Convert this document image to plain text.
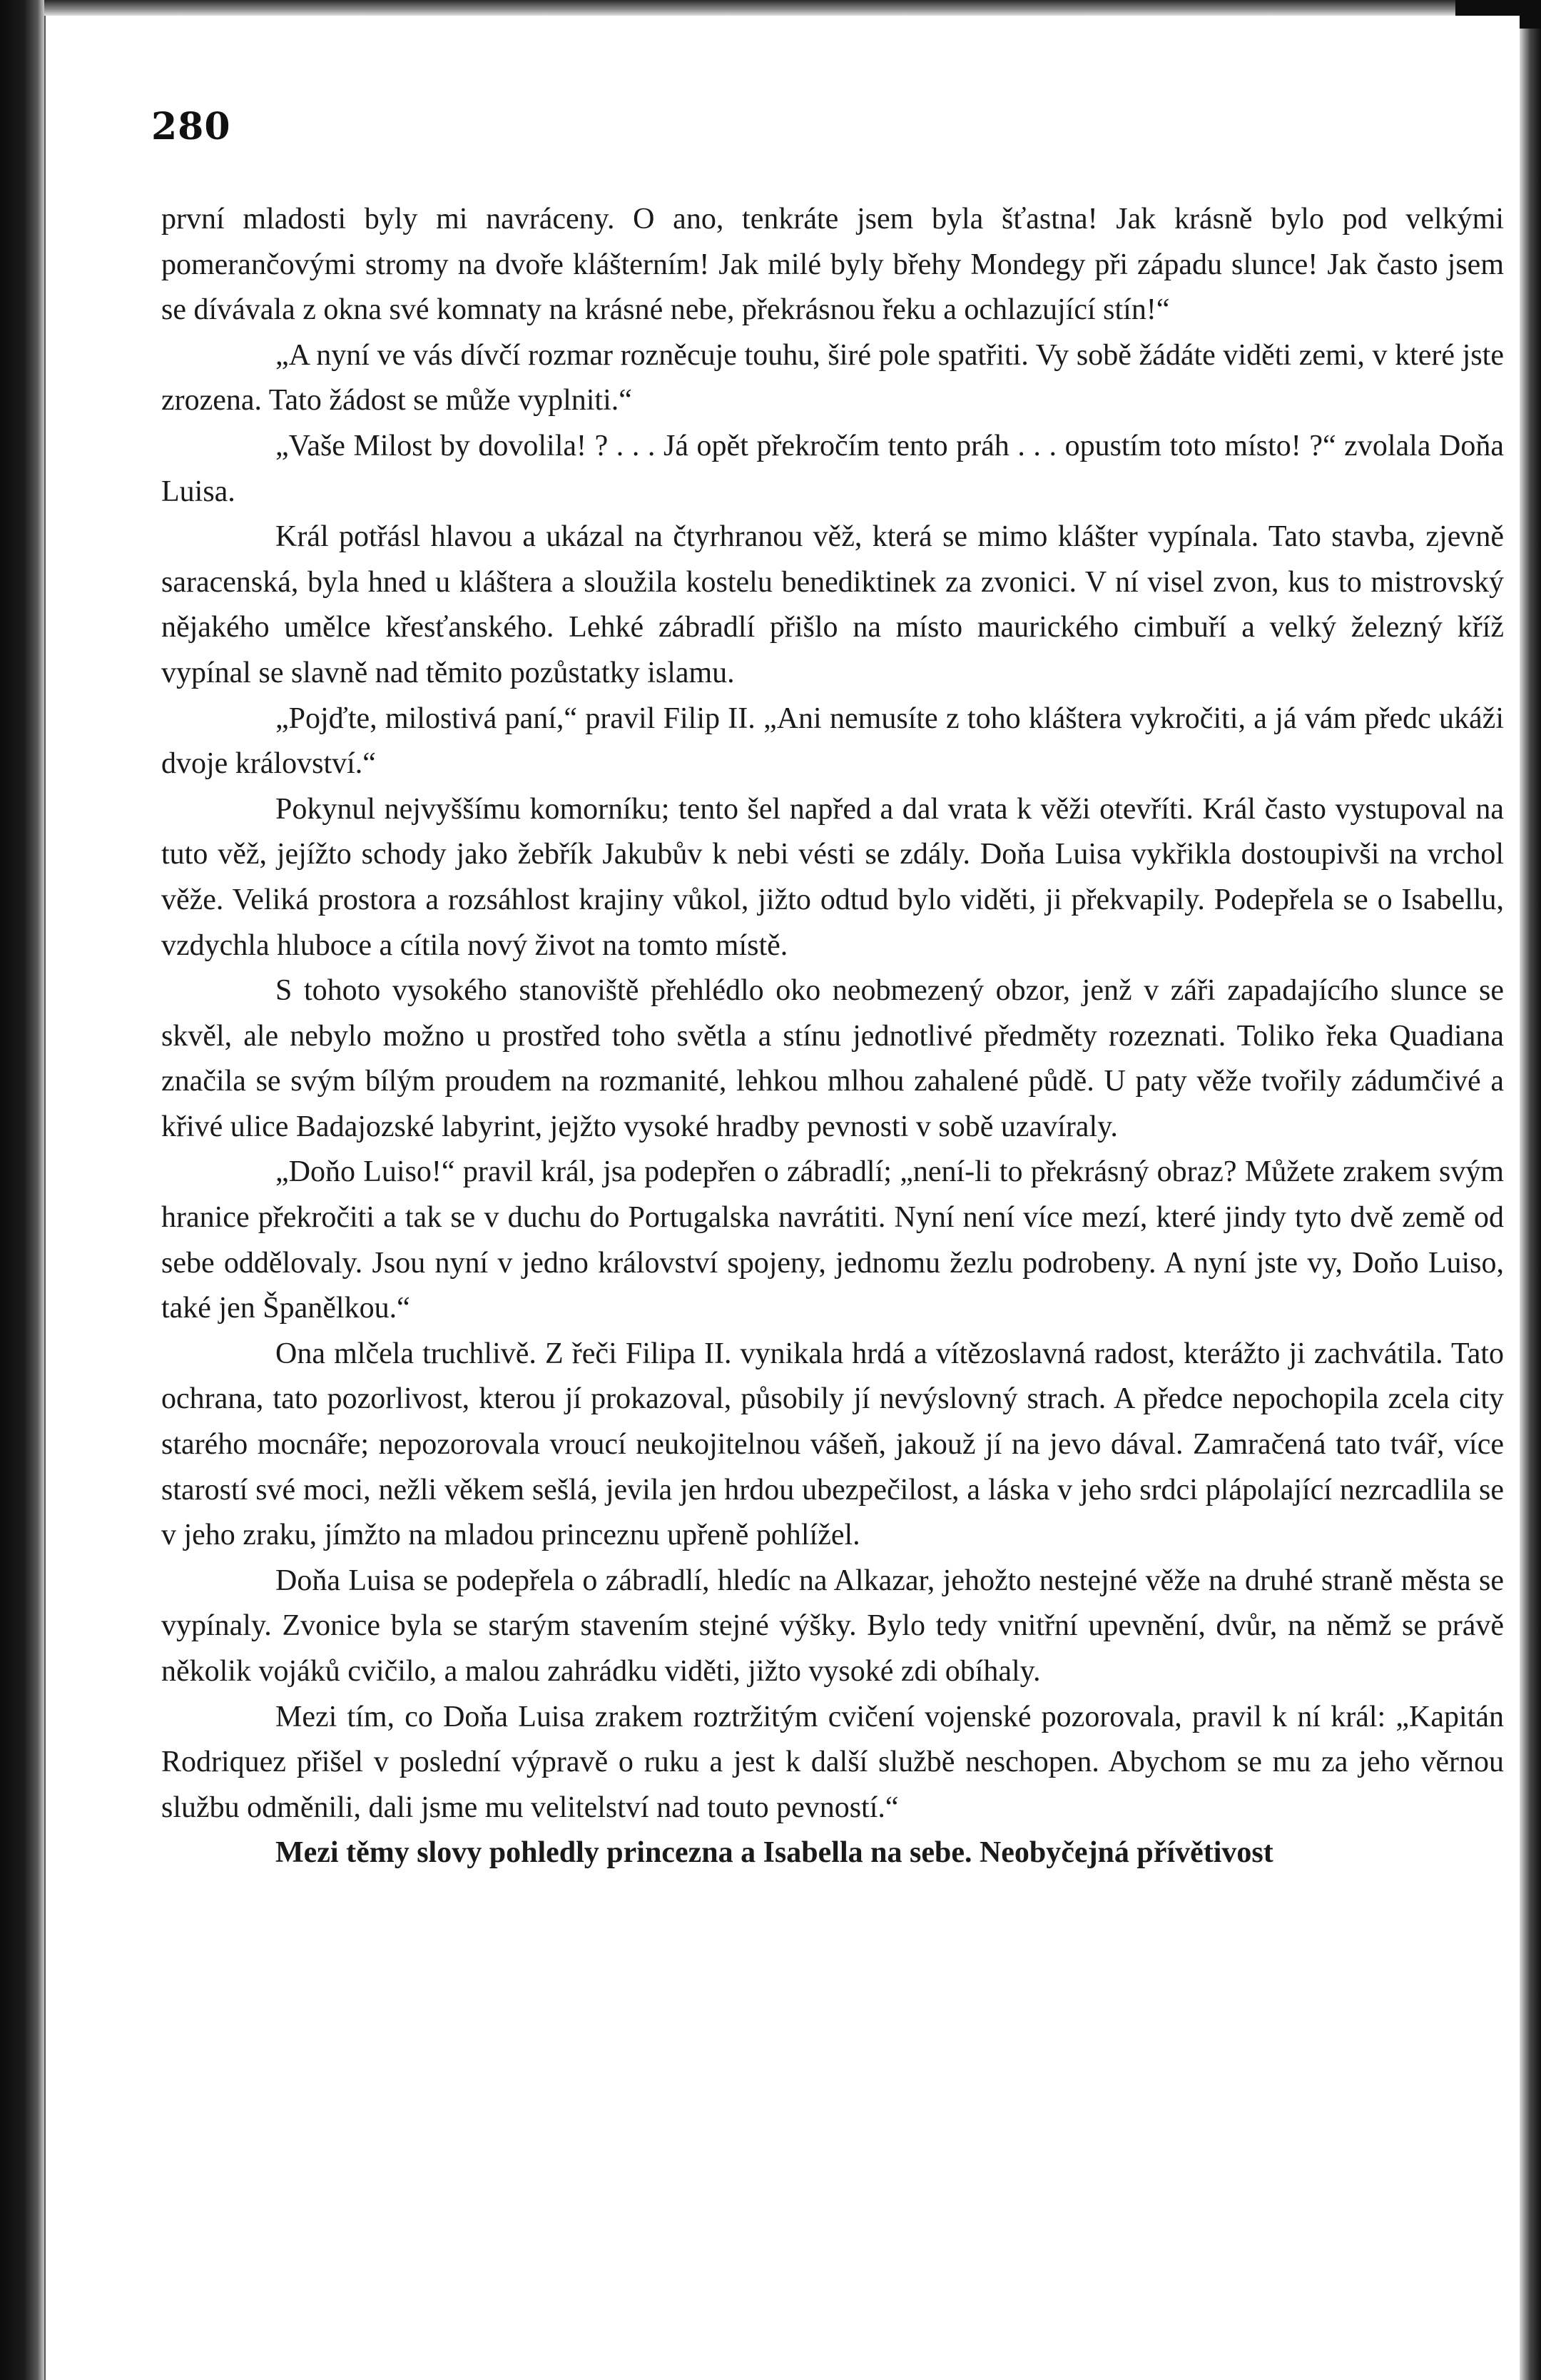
280

první mladosti byly mi navráceny. O ano, tenkráte jsem byla šťastna! Jak krásně bylo pod velkými pomerančovými stromy na dvoře klášterním! Jak milé byly břehy Mondegy při západu slunce! Jak často jsem se dívávala z okna své komnaty na krásné nebe, překrásnou řeku a ochlazující stín!“

„A nyní ve vás dívčí rozmar rozněcuje touhu, širé pole spatřiti. Vy sobě žádáte viděti zemi, v které jste zrozena. Tato žádost se může vyplniti.“

„Vaše Milost by dovolila! ? . . . Já opět překročím tento práh . . . opustím toto místo! ?“ zvolala Doňa Luisa.

Král potřásl hlavou a ukázal na čtyrhranou věž, která se mimo klášter vypínala. Tato stavba, zjevně saracenská, byla hned u kláštera a sloužila kostelu benediktinek za zvonici. V ní visel zvon, kus to mistrovský nějakého umělce křesťanského. Lehké zábradlí přišlo na místo maurického cimbuří a velký železný kříž vypínal se slavně nad těmito pozůstatky islamu.

„Pojďte, milostivá paní,“ pravil Filip II. „Ani nemusíte z toho kláštera vykročiti, a já vám předc ukáži dvoje království.“

Pokynul nejvyššímu komorníku; tento šel napřed a dal vrata k věži otevříti. Král často vystupoval na tuto věž, jejížto schody jako žebřík Jakubův k nebi vésti se zdály. Doňa Luisa vykřikla dostoupivši na vrchol věže. Veliká prostora a rozsáhlost krajiny vůkol, jižto odtud bylo viděti, ji překvapily. Podepřela se o Isabellu, vzdychla hluboce a cítila nový život na tomto místě.

S tohoto vysokého stanoviště přehlédlo oko neobmezený obzor, jenž v záři zapadajícího slunce se skvěl, ale nebylo možno u prostřed toho světla a stínu jednotlivé předměty rozeznati. Toliko řeka Quadiana značila se svým bílým proudem na rozmanité, lehkou mlhou zahalené půdě. U paty věže tvořily zádumčivé a křivé ulice Badajozské labyrint, jejžto vysoké hradby pevnosti v sobě uzavíraly.

„Doňo Luiso!“ pravil král, jsa podepřen o zábradlí; „není-li to překrásný obraz? Můžete zrakem svým hranice překročiti a tak se v duchu do Portugalska navrátiti. Nyní není více mezí, které jindy tyto dvě země od sebe oddělovaly. Jsou nyní v jedno království spojeny, jednomu žezlu podrobeny. A nyní jste vy, Doňo Luiso, také jen Španělkou.“

Ona mlčela truchlivě. Z řeči Filipa II. vynikala hrdá a vítězoslavná radost, kterážto ji zachvátila. Tato ochrana, tato pozorlivost, kterou jí prokazoval, působily jí nevýslovný strach. A předce nepochopila zcela city starého mocnáře; nepozorovala vroucí neukojitelnou vášeň, jakouž jí na jevo dával. Zamračená tato tvář, více starostí své moci, nežli věkem sešlá, jevila jen hrdou ubezpečilost, a láska v jeho srdci plápolající nezrcadlila se v jeho zraku, jímžto na mladou princeznu upřeně pohlížel.

Doňa Luisa se podepřela o zábradlí, hledíc na Alkazar, jehožto nestejné věže na druhé straně města se vypínaly. Zvonice byla se starým stavením stejné výšky. Bylo tedy vnitřní upevnění, dvůr, na němž se právě několik vojáků cvičilo, a malou zahrádku viděti, jižto vysoké zdi obíhaly.

Mezi tím, co Doňa Luisa zrakem roztržitým cvičení vojenské pozorovala, pravil k ní král: „Kapitán Rodriquez přišel v poslední výpravě o ruku a jest k další službě neschopen. Abychom se mu za jeho věrnou službu odměnili, dali jsme mu velitelství nad touto pevností.“

Mezi těmy slovy pohledly princezna a Isabella na sebe. Neobyčejná přívětivost
